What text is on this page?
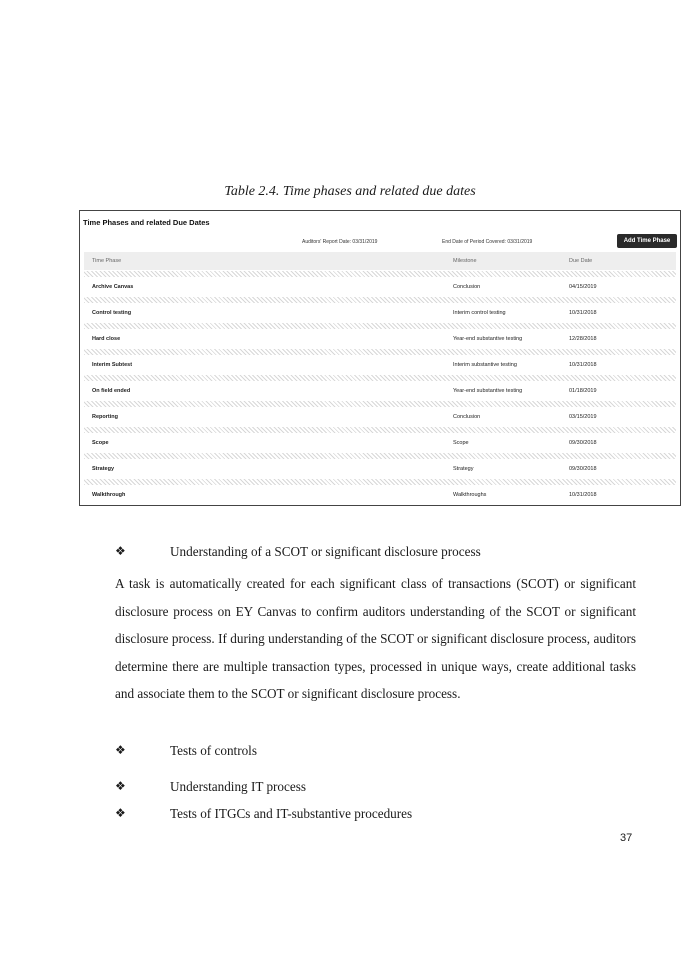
Table 2.4. Time phases and related due dates
Time Phases and related Due Dates
Auditors' Report Date: 03/31/2019	End Date of Period Covered: 03/31/2019	Add Time Phase
Time Phase	Milestone	Due Date
Archive Canvas	Conclusion	04/15/2019
Control testing	Interim control testing	10/31/2018
Hard close	Year-end substantive testing	12/28/2018
Interim Subtest	Interim substantive testing	10/31/2018
On field ended	Year-end substantive testing	01/18/2019
Reporting	Conclusion	03/15/2019
Scope	Scope	09/30/2018
Strategy	Strategy	09/30/2018
Walkthrough	Walkthroughs	10/31/2018
❖	Understanding of a SCOT or significant disclosure process
A task is automatically created for each significant class of transactions (SCOT) or significant disclosure process on EY Canvas to confirm auditors understanding of the SCOT or significant disclosure process. If during understanding of the SCOT or significant disclosure process, auditors determine there are multiple transaction types, processed in unique ways, create additional tasks and associate them to the SCOT or significant disclosure process.
❖	Tests of controls
❖	Understanding IT process
❖	Tests of ITGCs and IT-substantive procedures
37
